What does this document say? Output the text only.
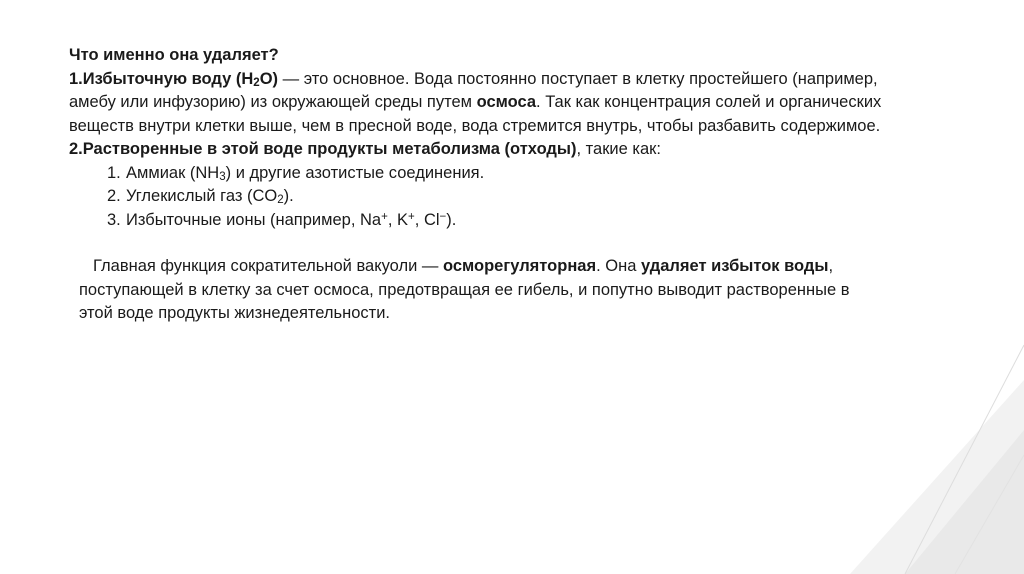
Что именно она удаляет?
1.Избыточную воду $(H_2O)$ — это основное. Вода постоянно поступает в клетку простейшего (например,
амебу или инфузорию) из окружающей среды путем осмоса. Так как концентрация солей и органических
веществ внутри клетки выше, чем в пресной воде, вода стремится внутрь, чтобы разбавить содержимое.
2.Растворенные в этой воде продукты метаболизма (отходы), такие как:
1. Аммиак $(NH_3)$ и другие азотистые соединения.
2. Углекислый газ $(CO_2)$.
3. Избыточные ионы (например, Na+, K+, Cl−).
Главная функция сократительной вакуоли — осморегуляторная. Она удаляет избыток воды,
поступающей в клетку за счет осмоса, предотвращая ее гибель, и попутно выводит растворенные в
этой воде продукты жизнедеятельности.
